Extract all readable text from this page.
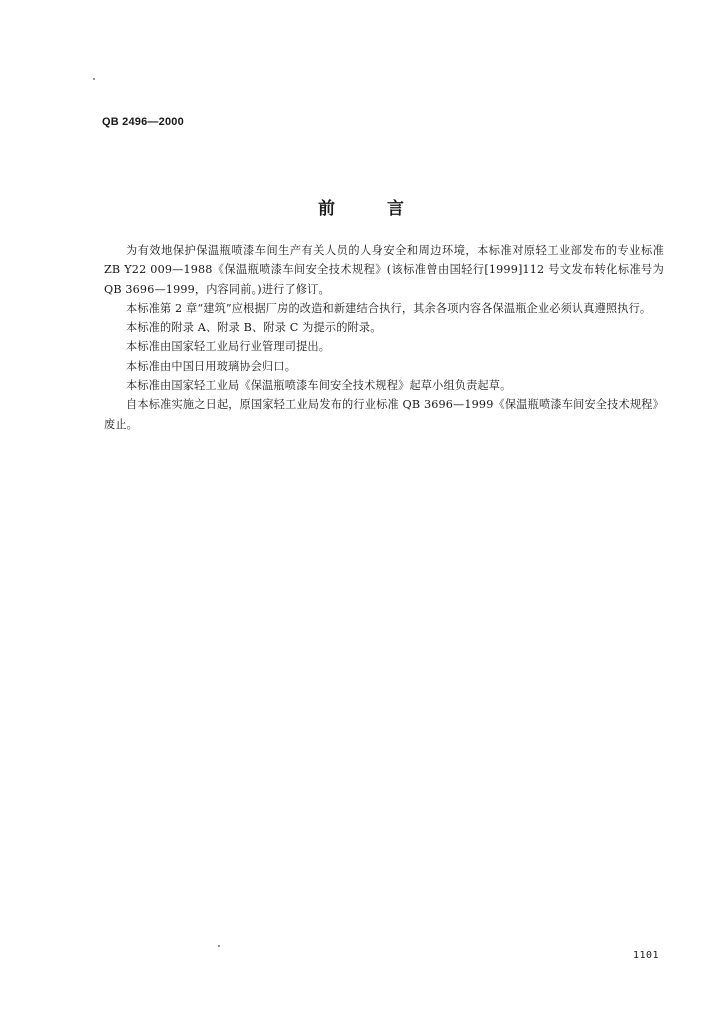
QB 2496—2000

前	言

为有效地保护保温瓶喷漆车间生产有关人员的人身安全和周边环境，本标准对原轻工业部发布的专业标准 ZB Y22 009—1988《保温瓶喷漆车间安全技术规程》(该标准曾由国轻行[1999]112 号文发布转化标准号为 QB 3696—1999，内容同前。)进行了修订。

本标准第 2 章“建筑”应根据厂房的改造和新建结合执行，其余各项内容各保温瓶企业必须认真遵照执行。

本标准的附录 A、附录 B、附录 C 为提示的附录。

本标准由国家轻工业局行业管理司提出。

本标准由中国日用玻璃协会归口。

本标准由国家轻工业局《保温瓶喷漆车间安全技术规程》起草小组负责起草。

自本标准实施之日起，原国家轻工业局发布的行业标准 QB 3696—1999《保温瓶喷漆车间安全技术规程》废止。

1101
